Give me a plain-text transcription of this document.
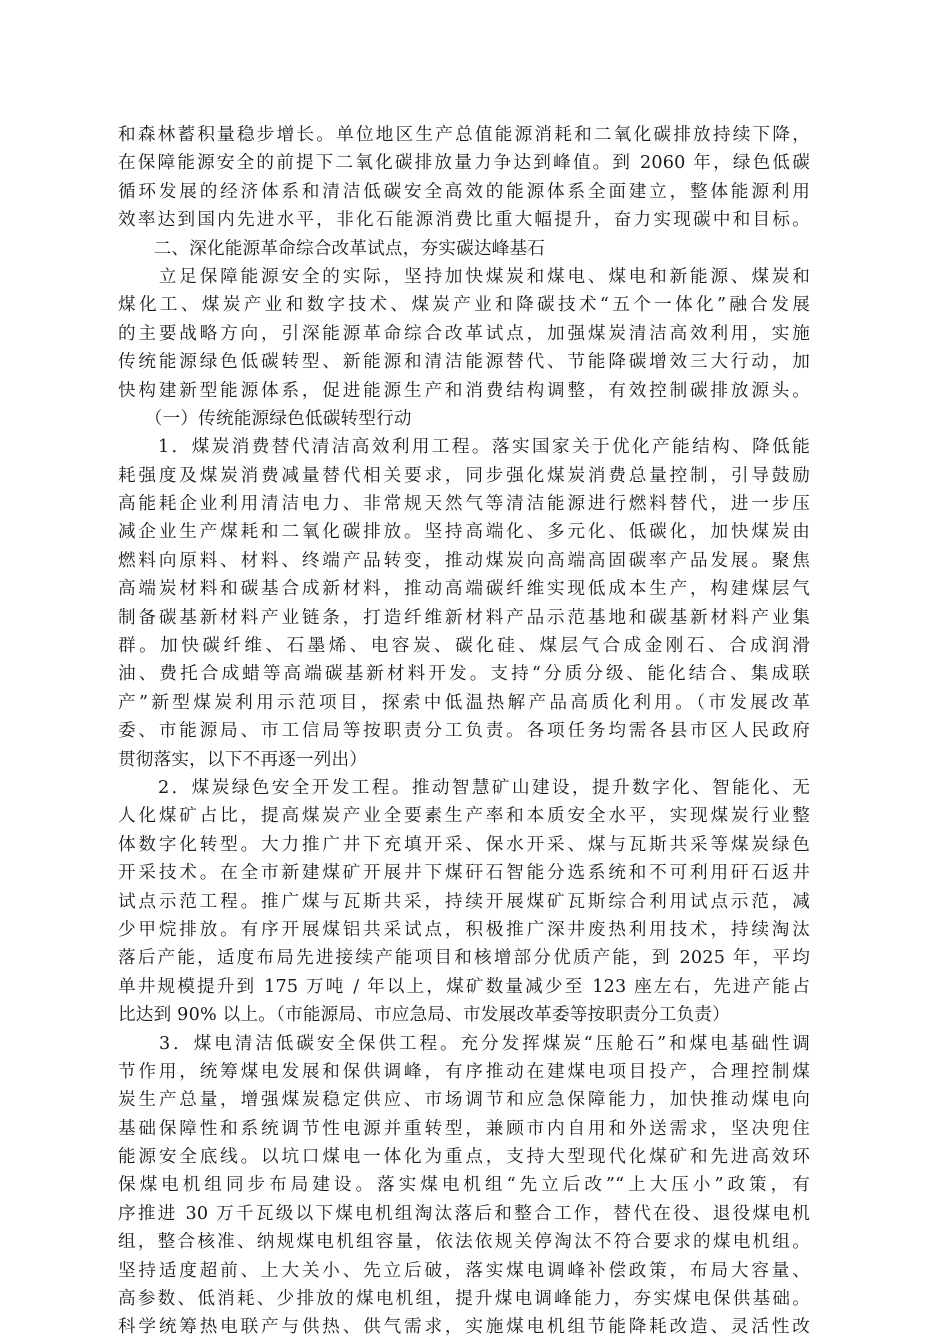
和森林蓄积量稳步增长。单位地区生产总值能源消耗和二氧化碳排放持续下降，
在保障能源安全的前提下二氧化碳排放量力争达到峰值。到 2060 年，绿色低碳
循环发展的经济体系和清洁低碳安全高效的能源体系全面建立，整体能源利用
效率达到国内先进水平，非化石能源消费比重大幅提升，奋力实现碳中和目标。
　　二、深化能源革命综合改革试点，夯实碳达峰基石
　　立足保障能源安全的实际，坚持加快煤炭和煤电、煤电和新能源、煤炭和
煤化工、煤炭产业和数字技术、煤炭产业和降碳技术“五个一体化”融合发展
的主要战略方向，引深能源革命综合改革试点，加强煤炭清洁高效利用，实施
传统能源绿色低碳转型、新能源和清洁能源替代、节能降碳增效三大行动，加
快构建新型能源体系，促进能源生产和消费结构调整，有效控制碳排放源头。
　　（一）传统能源绿色低碳转型行动
　　1．煤炭消费替代清洁高效利用工程。落实国家关于优化产能结构、降低能
耗强度及煤炭消费减量替代相关要求，同步强化煤炭消费总量控制，引导鼓励
高能耗企业利用清洁电力、非常规天然气等清洁能源进行燃料替代，进一步压
减企业生产煤耗和二氧化碳排放。坚持高端化、多元化、低碳化，加快煤炭由
燃料向原料、材料、终端产品转变，推动煤炭向高端高固碳率产品发展。聚焦
高端炭材料和碳基合成新材料，推动高端碳纤维实现低成本生产，构建煤层气
制备碳基新材料产业链条，打造纤维新材料产品示范基地和碳基新材料产业集
群。加快碳纤维、石墨烯、电容炭、碳化硅、煤层气合成金刚石、合成润滑
油、费托合成蜡等高端碳基新材料开发。支持“分质分级、能化结合、集成联
产”新型煤炭利用示范项目，探索中低温热解产品高质化利用。（市发展改革
委、市能源局、市工信局等按职责分工负责。各项任务均需各县市区人民政府
贯彻落实，以下不再逐一列出）
　　2．煤炭绿色安全开发工程。推动智慧矿山建设，提升数字化、智能化、无
人化煤矿占比，提高煤炭产业全要素生产率和本质安全水平，实现煤炭行业整
体数字化转型。大力推广井下充填开采、保水开采、煤与瓦斯共采等煤炭绿色
开采技术。在全市新建煤矿开展井下煤矸石智能分选系统和不可利用矸石返井
试点示范工程。推广煤与瓦斯共采，持续开展煤矿瓦斯综合利用试点示范，减
少甲烷排放。有序开展煤铝共采试点，积极推广深井废热利用技术，持续淘汰
落后产能，适度布局先进接续产能项目和核增部分优质产能，到 2025 年，平均
单井规模提升到 175 万吨 / 年以上，煤矿数量减少至 123 座左右，先进产能占
比达到 90% 以上。（市能源局、市应急局、市发展改革委等按职责分工负责）
　　3．煤电清洁低碳安全保供工程。充分发挥煤炭“压舱石”和煤电基础性调
节作用，统筹煤电发展和保供调峰，有序推动在建煤电项目投产，合理控制煤
炭生产总量，增强煤炭稳定供应、市场调节和应急保障能力，加快推动煤电向
基础保障性和系统调节性电源并重转型，兼顾市内自用和外送需求，坚决兜住
能源安全底线。以坑口煤电一体化为重点，支持大型现代化煤矿和先进高效环
保煤电机组同步布局建设。落实煤电机组“先立后改”“上大压小”政策，有
序推进 30 万千瓦级以下煤电机组淘汰落后和整合工作，替代在役、退役煤电机
组，整合核准、纳规煤电机组容量，依法依规关停淘汰不符合要求的煤电机组。
坚持适度超前、上大关小、先立后破，落实煤电调峰补偿政策，布局大容量、
高参数、低消耗、少排放的煤电机组，提升煤电调峰能力，夯实煤电保供基础。
科学统筹热电联产与供热、供气需求，实施煤电机组节能降耗改造、灵活性改
